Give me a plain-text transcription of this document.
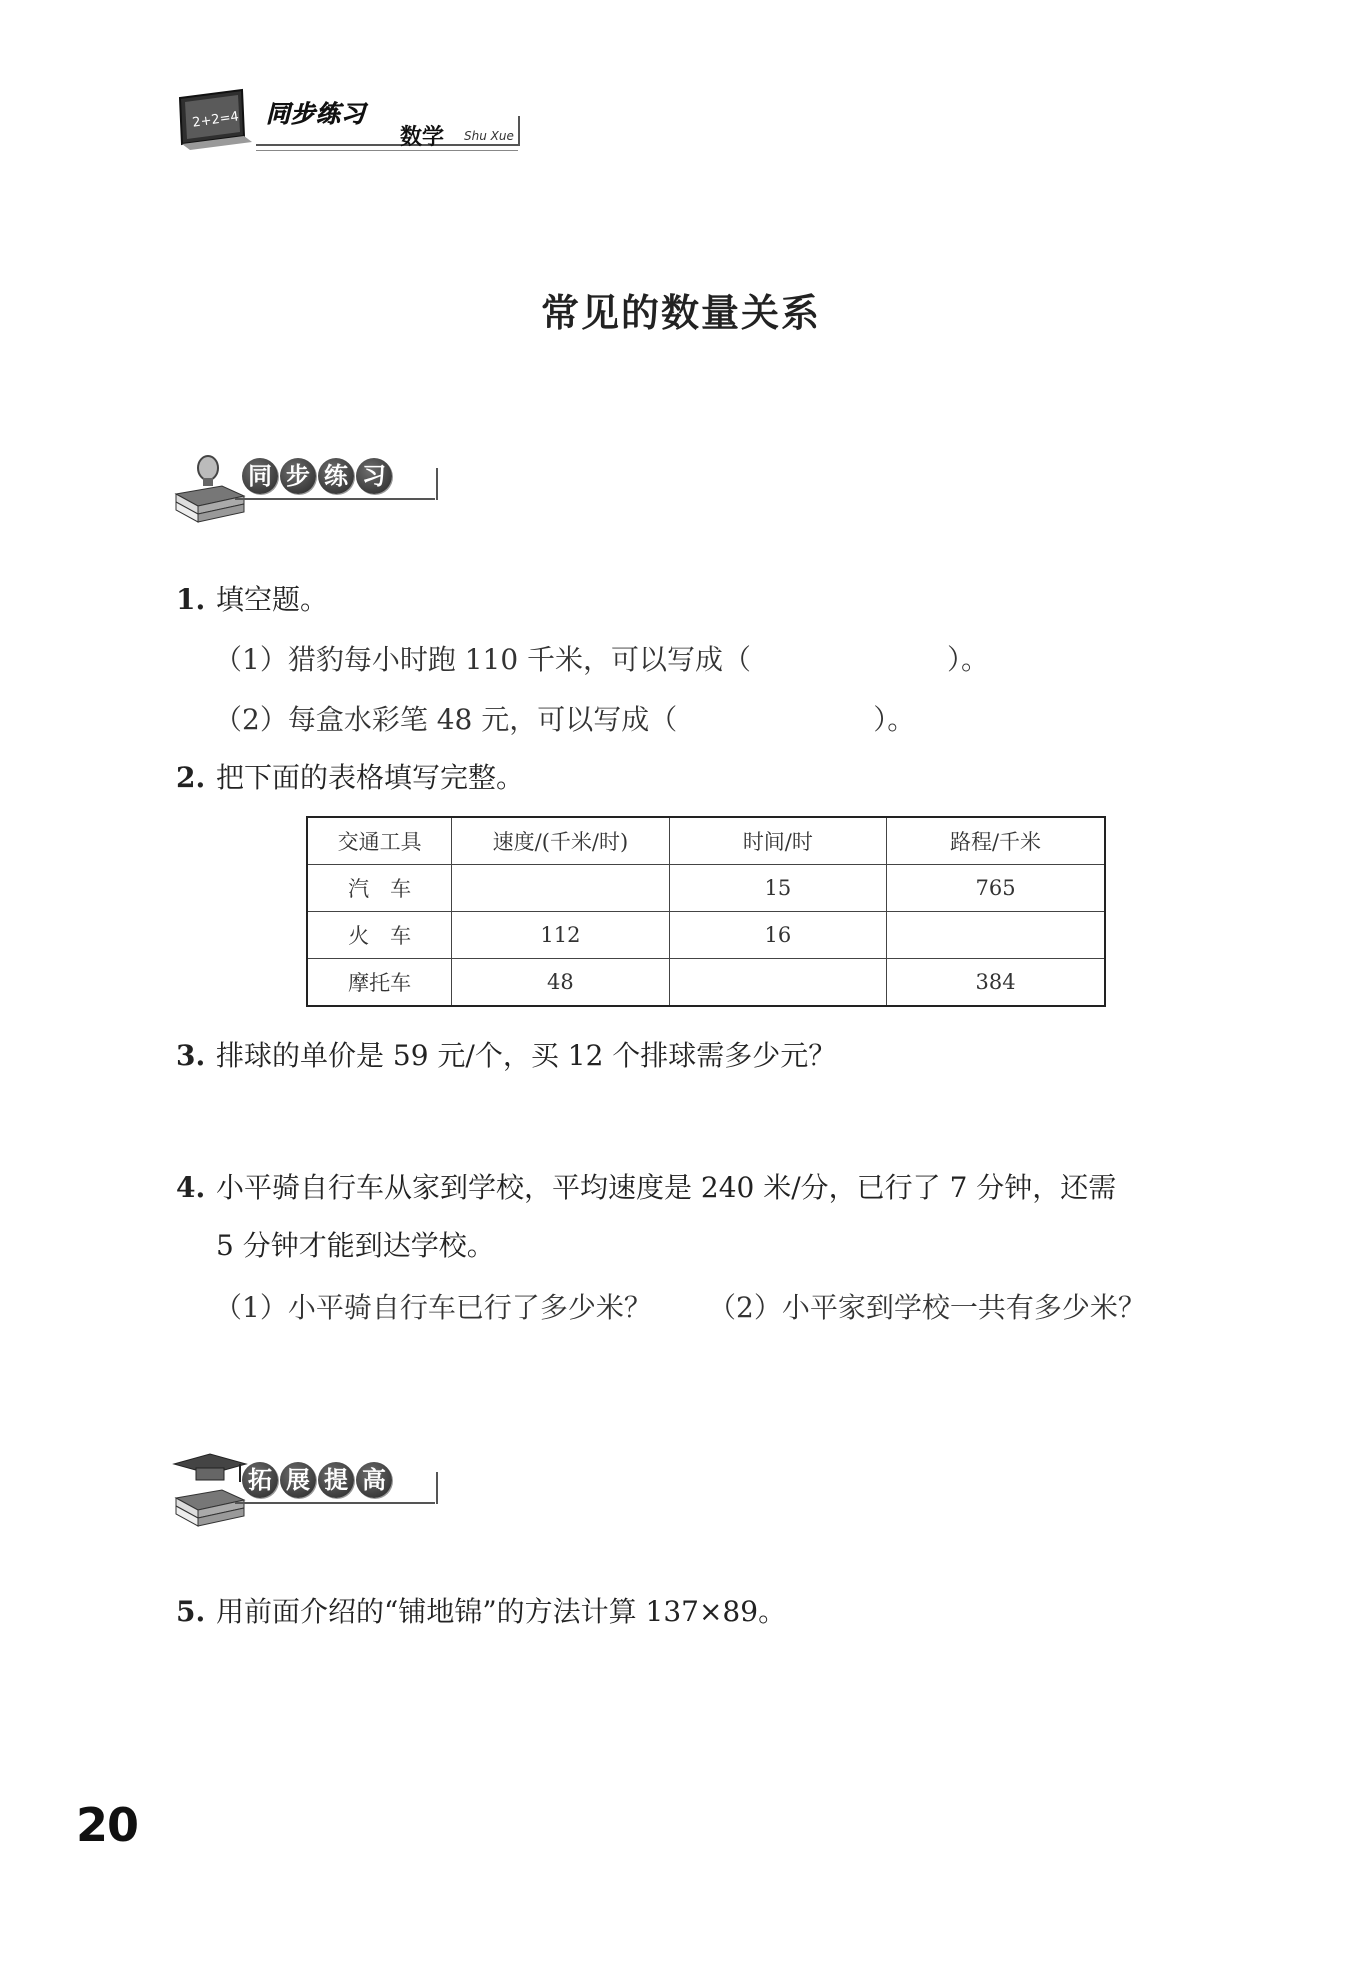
2+2=4 同步练习
数学 Shu Xue
常见的数量关系
同 步 练 习
1. 填空题。
（1）猎豹每小时跑 110 千米，可以写成（　　　　　　　）。
（2）每盒水彩笔 48 元，可以写成（　　　　　　　）。
2. 把下面的表格填写完整。
交通工具	速度/(千米/时)	时间/时	路程/千米
汽　车		15	765
火　车	112	16	
摩托车	48		384
3. 排球的单价是 59 元/个，买 12 个排球需多少元？
4. 小平骑自行车从家到学校，平均速度是 240 米/分，已行了 7 分钟，还需
5 分钟才能到达学校。
（1）小平骑自行车已行了多少米？ （2）小平家到学校一共有多少米？
拓 展 提 高
5. 用前面介绍的“铺地锦”的方法计算 137×89。
20
